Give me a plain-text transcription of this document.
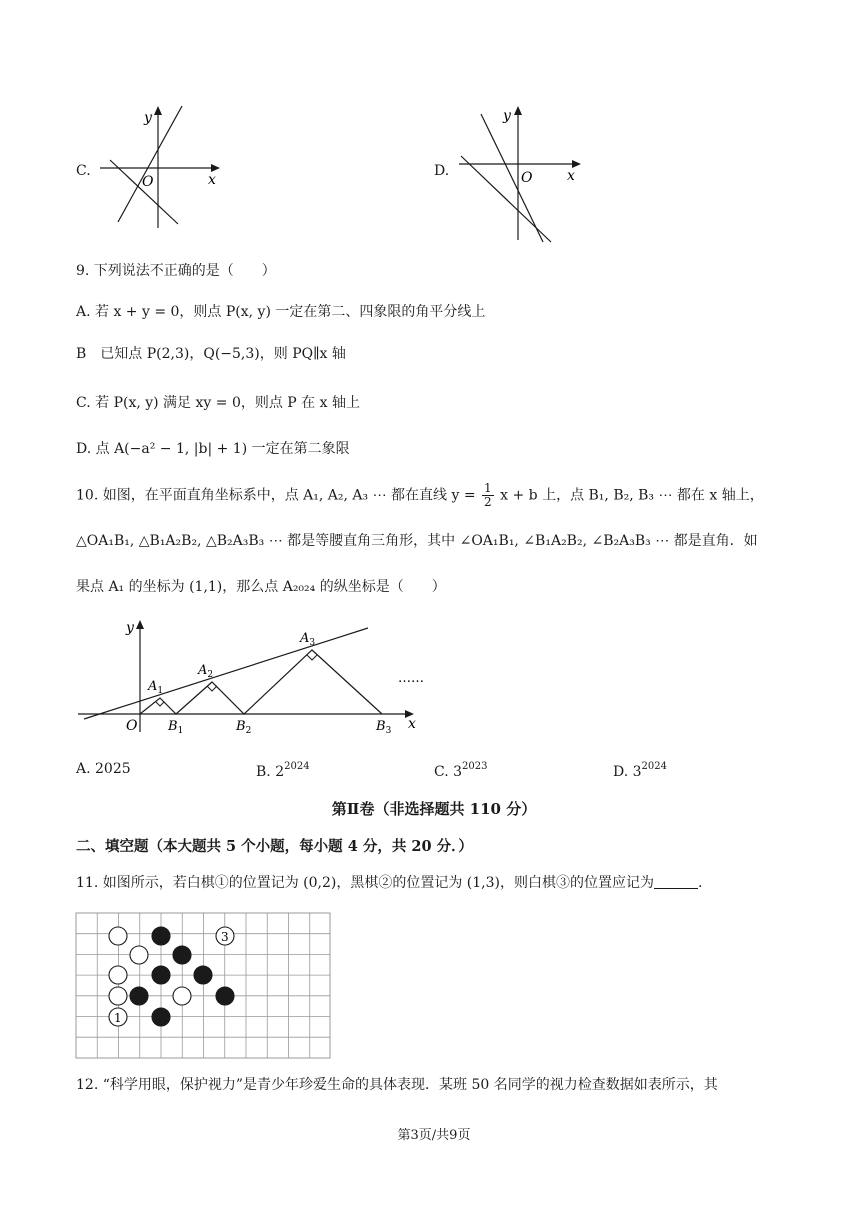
C.
y
x
O
D.
y
x
O
9. 下列说法不正确的是（　　）
A. 若 x + y = 0，则点 P(x, y) 一定在第二、四象限的角平分线上
B　已知点 P(2,3)，Q(−5,3)，则 PQ∥x 轴
C. 若 P(x, y) 满足 xy = 0，则点 P 在 x 轴上
D. 点 A(−a² − 1, |b| + 1) 一定在第二象限
10. 如图，在平面直角坐标系中，点 A₁, A₂, A₃ ⋯ 都在直线 $y = \frac{1}{2}$ x + b 上，点 B₁, B₂, B₃ ⋯ 都在 x 轴上，
△OA₁B₁, △B₁A₂B₂, △B₂A₃B₃ ⋯ 都是等腰直角三角形，其中 ∠OA₁B₁, ∠B₁A₂B₂, ∠B₂A₃B₃ ⋯ 都是直角．如
果点 A₁ 的坐标为 (1,1)，那么点 A₂₀₂₄ 的纵坐标是（　　）
y
x
O
$A_1$
$A_2$
$A_3$
$B_1$	$B_2$	$B_3$
……
A. 2025	B. $2^{2024}$	C. $3^{2023}$	D. $3^{2024}$
第Ⅱ卷（非选择题共 110 分）
二、填空题（本大题共 5 个小题，每小题 4 分，共 20 分．）
11. 如图所示，若白棋①的位置记为 (0,2)，黑棋②的位置记为 (1,3)，则白棋③的位置应记为	.
3
1
12. “科学用眼，保护视力”是青少年珍爱生命的具体表现．某班 50 名同学的视力检查数据如表所示，其
第3页/共9页
